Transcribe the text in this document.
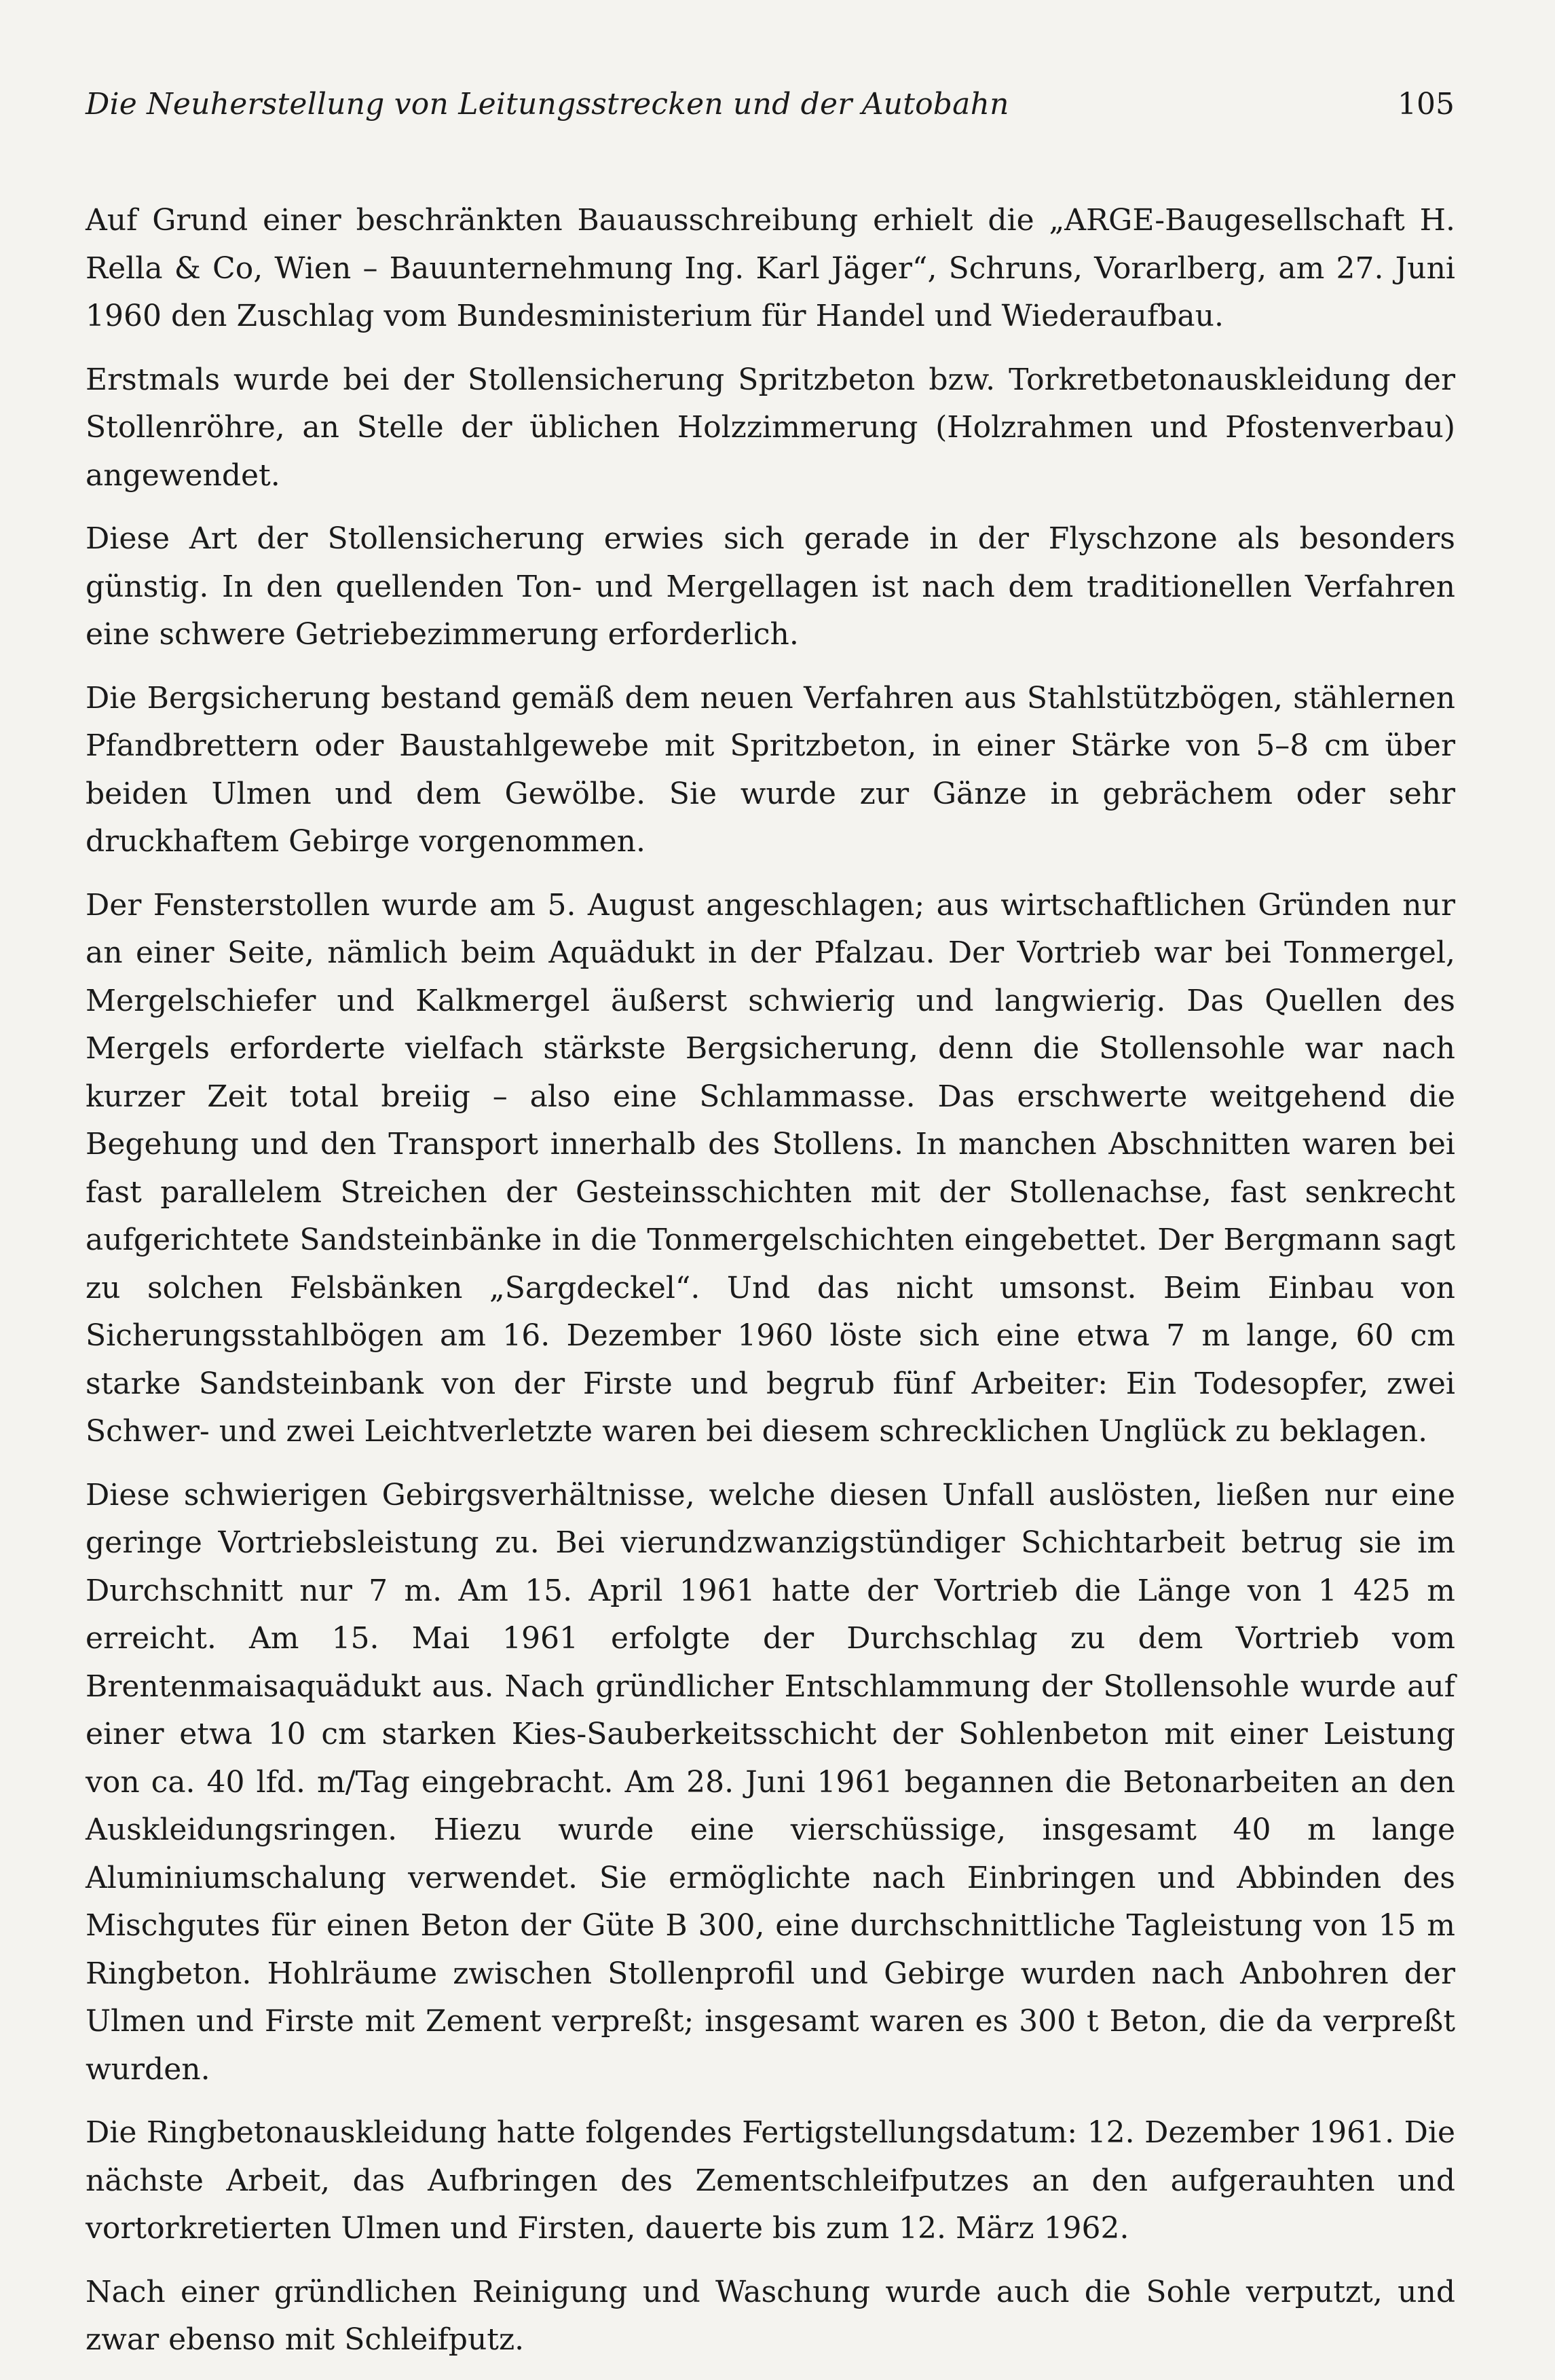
Die Neuherstellung von Leitungsstrecken und der Autobahn	105

Auf Grund einer beschränkten Bauausschreibung erhielt die „ARGE-Baugesellschaft H. Rella & Co, Wien – Bauunternehmung Ing. Karl Jäger“, Schruns, Vorarlberg, am 27. Juni 1960 den Zuschlag vom Bundesministerium für Handel und Wiederaufbau.

Erstmals wurde bei der Stollensicherung Spritzbeton bzw. Torkretbetonauskleidung der Stollenröhre, an Stelle der üblichen Holzzimmerung (Holzrahmen und Pfostenverbau) angewendet.

Diese Art der Stollensicherung erwies sich gerade in der Flyschzone als besonders günstig. In den quellenden Ton- und Mergellagen ist nach dem traditionellen Verfahren eine schwere Getriebezimmerung erforderlich.

Die Bergsicherung bestand gemäß dem neuen Verfahren aus Stahlstützbögen, stählernen Pfandbrettern oder Baustahlgewebe mit Spritzbeton, in einer Stärke von 5–8 cm über beiden Ulmen und dem Gewölbe. Sie wurde zur Gänze in gebrächem oder sehr druckhaftem Gebirge vorgenommen.

Der Fensterstollen wurde am 5. August angeschlagen; aus wirtschaftlichen Gründen nur an einer Seite, nämlich beim Aquädukt in der Pfalzau. Der Vortrieb war bei Tonmergel, Mergelschiefer und Kalkmergel äußerst schwierig und langwierig. Das Quellen des Mergels erforderte vielfach stärkste Bergsicherung, denn die Stollensohle war nach kurzer Zeit total breiig – also eine Schlammasse. Das erschwerte weitgehend die Begehung und den Transport innerhalb des Stollens. In manchen Abschnitten waren bei fast parallelem Streichen der Gesteinsschichten mit der Stollenachse, fast senkrecht aufgerichtete Sandsteinbänke in die Tonmergelschichten eingebettet. Der Bergmann sagt zu solchen Felsbänken „Sargdeckel“. Und das nicht umsonst. Beim Einbau von Sicherungsstahlbögen am 16. Dezember 1960 löste sich eine etwa 7 m lange, 60 cm starke Sandsteinbank von der Firste und begrub fünf Arbeiter: Ein Todesopfer, zwei Schwer- und zwei Leichtverletzte waren bei diesem schrecklichen Unglück zu beklagen.

Diese schwierigen Gebirgsverhältnisse, welche diesen Unfall auslösten, ließen nur eine geringe Vortriebsleistung zu. Bei vierundzwanzigstündiger Schichtarbeit betrug sie im Durchschnitt nur 7 m. Am 15. April 1961 hatte der Vortrieb die Länge von 1 425 m erreicht. Am 15. Mai 1961 erfolgte der Durchschlag zu dem Vortrieb vom Brentenmaisaquädukt aus. Nach gründlicher Entschlammung der Stollensohle wurde auf einer etwa 10 cm starken Kies-Sauberkeitsschicht der Sohlenbeton mit einer Leistung von ca. 40 lfd. m/Tag eingebracht. Am 28. Juni 1961 begannen die Betonarbeiten an den Auskleidungsringen. Hiezu wurde eine vierschüssige, insgesamt 40 m lange Aluminiumschalung verwendet. Sie ermöglichte nach Einbringen und Abbinden des Mischgutes für einen Beton der Güte B 300, eine durchschnittliche Tagleistung von 15 m Ringbeton. Hohlräume zwischen Stollenprofil und Gebirge wurden nach Anbohren der Ulmen und Firste mit Zement verpreßt; insgesamt waren es 300 t Beton, die da verpreßt wurden.

Die Ringbetonauskleidung hatte folgendes Fertigstellungsdatum: 12. Dezember 1961. Die nächste Arbeit, das Aufbringen des Zementschleifputzes an den aufgerauhten und vortorkretierten Ulmen und Firsten, dauerte bis zum 12. März 1962.

Nach einer gründlichen Reinigung und Waschung wurde auch die Sohle verputzt, und zwar ebenso mit Schleifputz.
